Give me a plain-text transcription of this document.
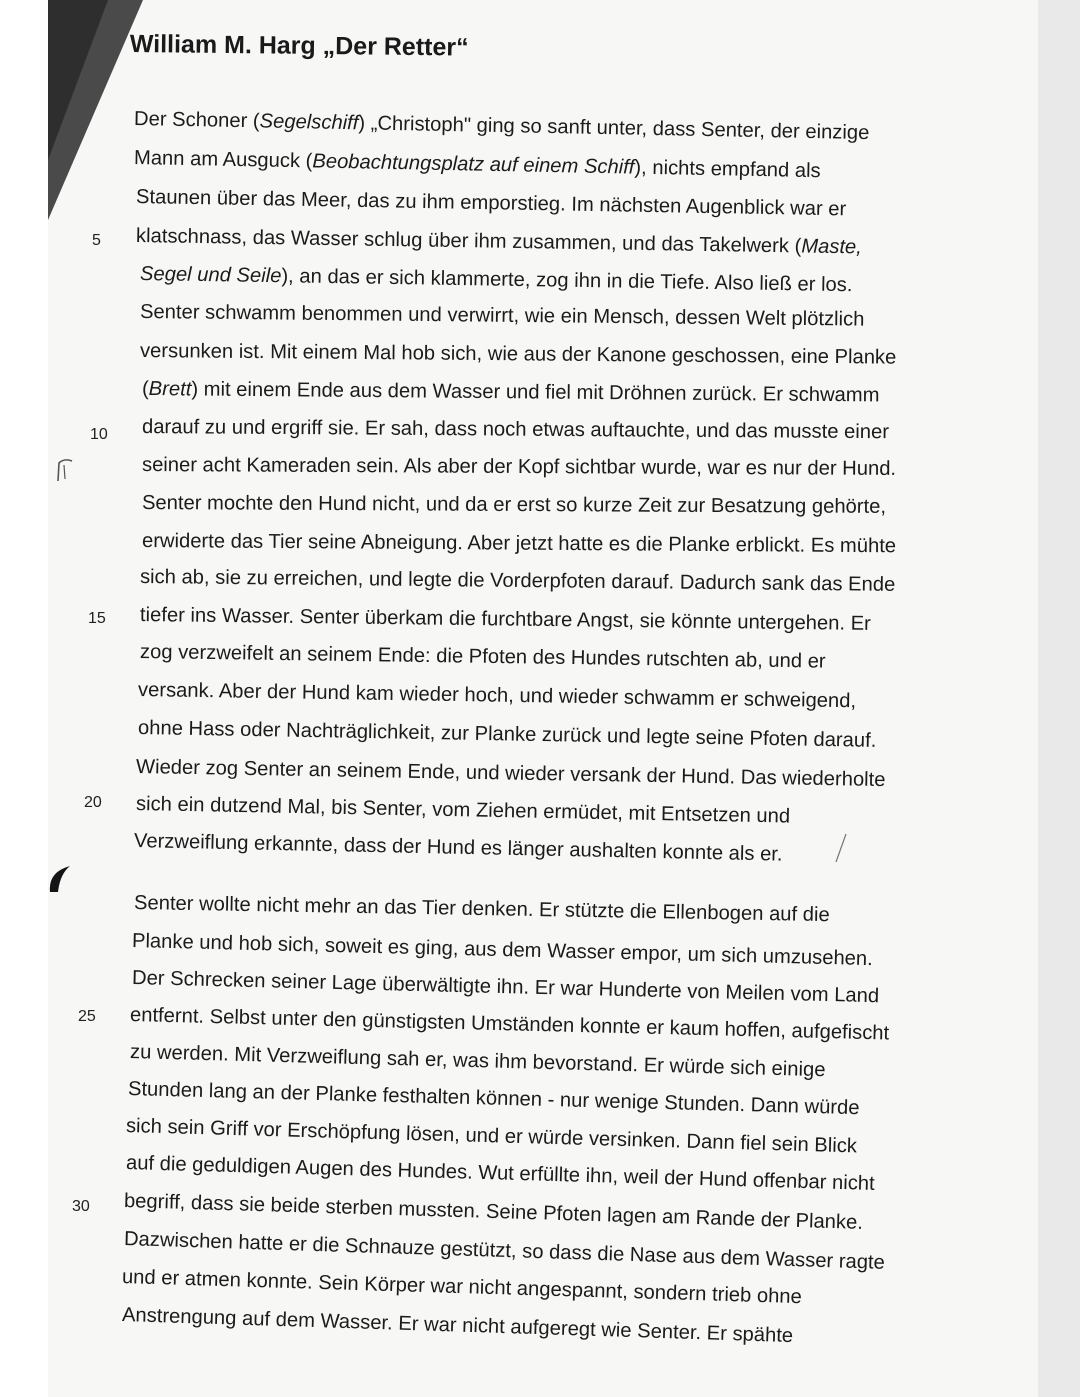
William M. Harg „Der Retter“
Der Schoner (Segelschiff) „Christoph" ging so sanft unter, dass Senter, der einzige
Mann am Ausguck (Beobachtungsplatz auf einem Schiff), nichts empfand als
Staunen über das Meer, das zu ihm emporstieg. Im nächsten Augenblick war er
klatschnass, das Wasser schlug über ihm zusammen, und das Takelwerk (Maste,
Segel und Seile), an das er sich klammerte, zog ihn in die Tiefe. Also ließ er los.
Senter schwamm benommen und verwirrt, wie ein Mensch, dessen Welt plötzlich
versunken ist. Mit einem Mal hob sich, wie aus der Kanone geschossen, eine Planke
(Brett) mit einem Ende aus dem Wasser und fiel mit Dröhnen zurück. Er schwamm
darauf zu und ergriff sie. Er sah, dass noch etwas auftauchte, und das musste einer
seiner acht Kameraden sein. Als aber der Kopf sichtbar wurde, war es nur der Hund.
Senter mochte den Hund nicht, und da er erst so kurze Zeit zur Besatzung gehörte,
erwiderte das Tier seine Abneigung. Aber jetzt hatte es die Planke erblickt. Es mühte
sich ab, sie zu erreichen, und legte die Vorderpfoten darauf. Dadurch sank das Ende
tiefer ins Wasser. Senter überkam die furchtbare Angst, sie könnte untergehen. Er
zog verzweifelt an seinem Ende: die Pfoten des Hundes rutschten ab, und er
versank. Aber der Hund kam wieder hoch, und wieder schwamm er schweigend,
ohne Hass oder Nachträglichkeit, zur Planke zurück und legte seine Pfoten darauf.
Wieder zog Senter an seinem Ende, und wieder versank der Hund. Das wiederholte
sich ein dutzend Mal, bis Senter, vom Ziehen ermüdet, mit Entsetzen und
Verzweiflung erkannte, dass der Hund es länger aushalten konnte als er.
Senter wollte nicht mehr an das Tier denken. Er stützte die Ellenbogen auf die
Planke und hob sich, soweit es ging, aus dem Wasser empor, um sich umzusehen.
Der Schrecken seiner Lage überwältigte ihn. Er war Hunderte von Meilen vom Land
entfernt. Selbst unter den günstigsten Umständen konnte er kaum hoffen, aufgefischt
zu werden. Mit Verzweiflung sah er, was ihm bevorstand. Er würde sich einige
Stunden lang an der Planke festhalten können - nur wenige Stunden. Dann würde
sich sein Griff vor Erschöpfung lösen, und er würde versinken. Dann fiel sein Blick
auf die geduldigen Augen des Hundes. Wut erfüllte ihn, weil der Hund offenbar nicht
begriff, dass sie beide sterben mussten. Seine Pfoten lagen am Rande der Planke.
Dazwischen hatte er die Schnauze gestützt, so dass die Nase aus dem Wasser ragte
und er atmen konnte. Sein Körper war nicht angespannt, sondern trieb ohne
Anstrengung auf dem Wasser. Er war nicht aufgeregt wie Senter. Er spähte
5
10
15
20
25
30
